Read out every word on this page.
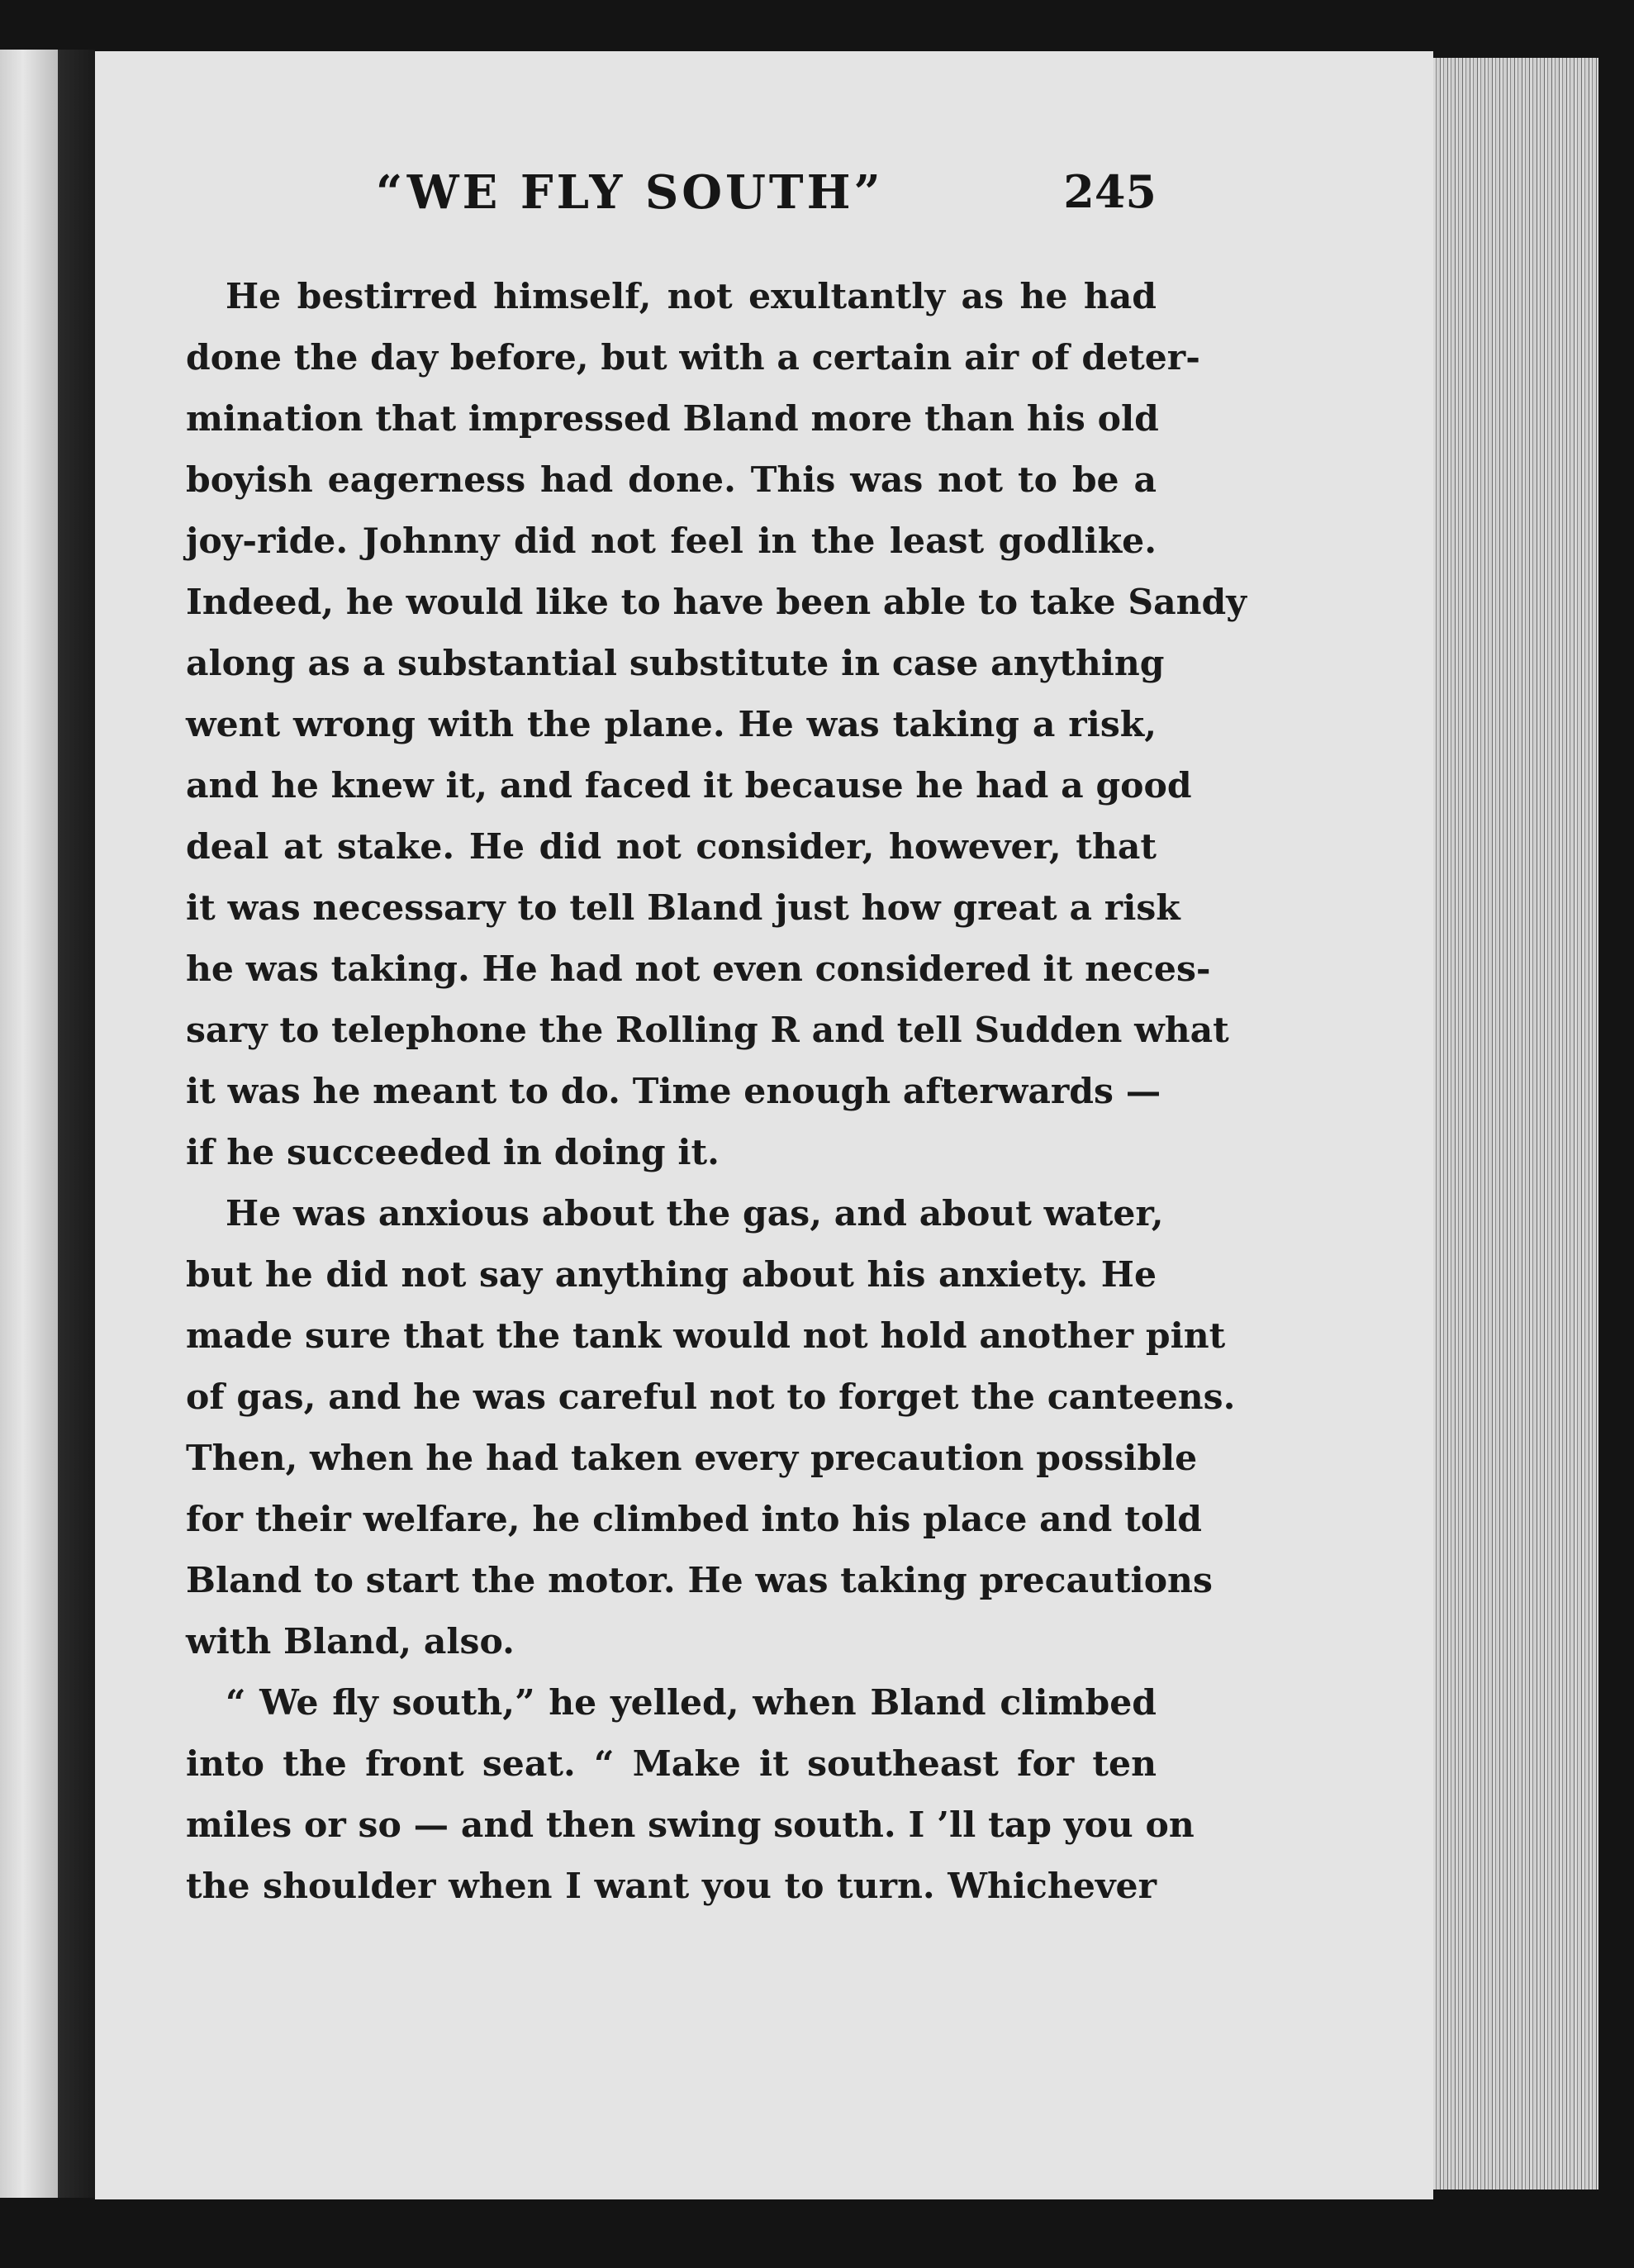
“WE FLY SOUTH”	245
He bestirred himself, not exultantly as he had
done the day before, but with a certain air of deter-
mination that impressed Bland more than his old
boyish eagerness had done. This was not to be a
joy-ride. Johnny did not feel in the least godlike.
Indeed, he would like to have been able to take Sandy
along as a substantial substitute in case anything
went wrong with the plane. He was taking a risk,
and he knew it, and faced it because he had a good
deal at stake. He did not consider, however, that
it was necessary to tell Bland just how great a risk
he was taking. He had not even considered it neces-
sary to telephone the Rolling R and tell Sudden what
it was he meant to do. Time enough afterwards —
if he succeeded in doing it.
He was anxious about the gas, and about water,
but he did not say anything about his anxiety. He
made sure that the tank would not hold another pint
of gas, and he was careful not to forget the canteens.
Then, when he had taken every precaution possible
for their welfare, he climbed into his place and told
Bland to start the motor. He was taking precautions
with Bland, also.
“ We fly south,” he yelled, when Bland climbed
into the front seat. “ Make it southeast for ten
miles or so — and then swing south. I ’ll tap you on
the shoulder when I want you to turn. Whichever
